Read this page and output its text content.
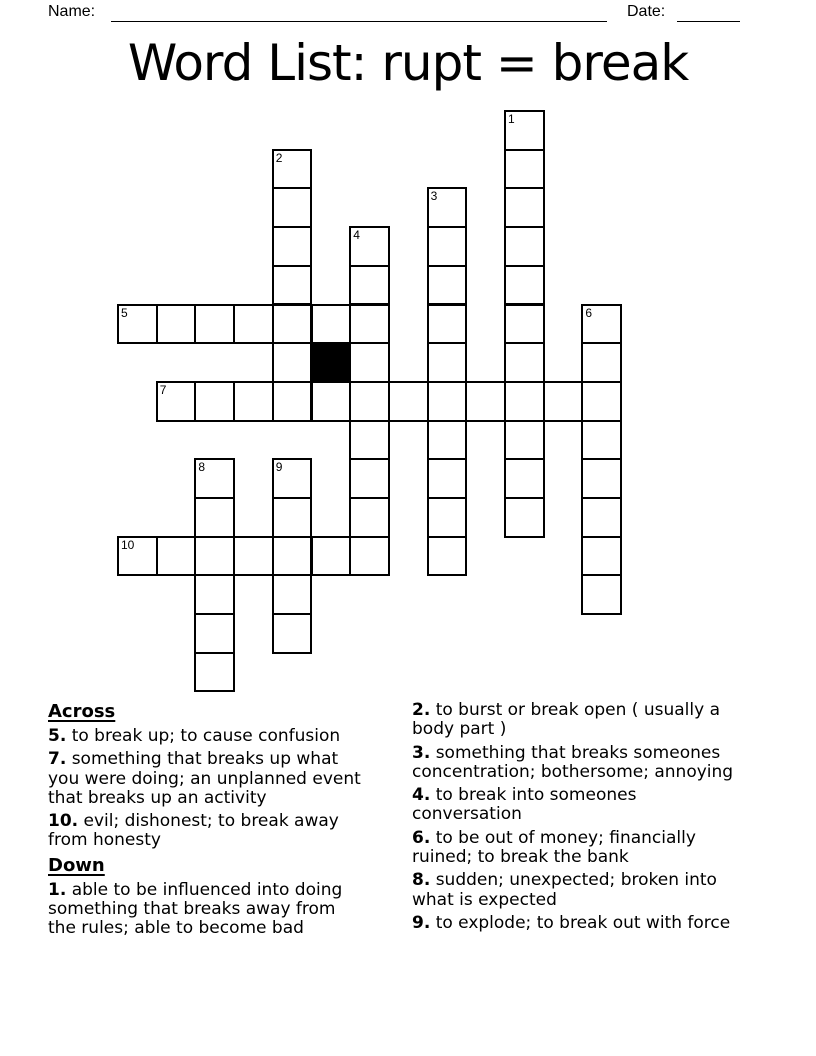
Name:	Date:
Word List: rupt = break
1
2
3
4
5	6
7
8	9
10
Across
5. to break up; to cause confusion
7. something that breaks up what you were doing; an unplanned event that breaks up an activity
10. evil; dishonest; to break away from honesty
Down
1. able to be influenced into doing something that breaks away from the rules; able to become bad
2. to burst or break open ( usually a body part )
3. something that breaks someones concentration; bothersome; annoying
4. to break into someones conversation
6. to be out of money; financially ruined; to break the bank
8. sudden; unexpected; broken into what is expected
9. to explode; to break out with force
